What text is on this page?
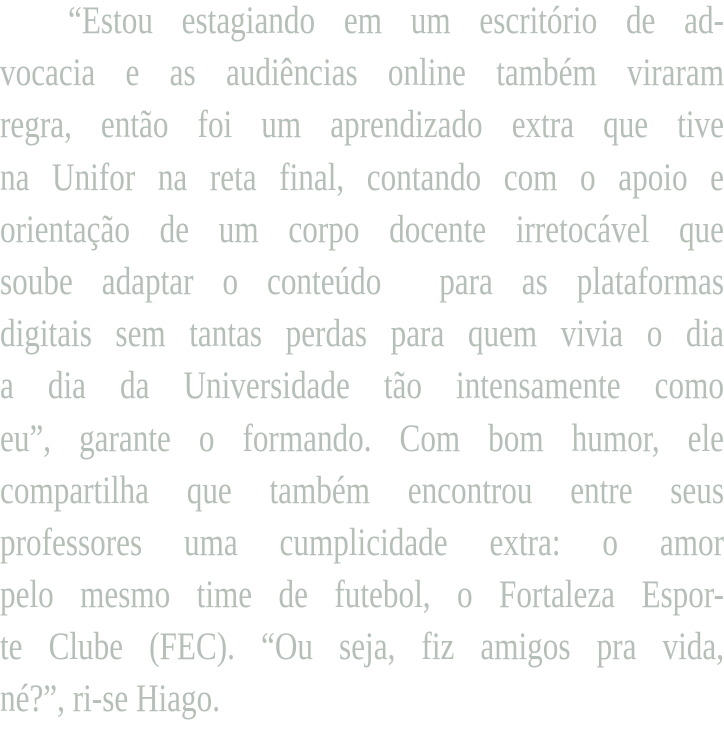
“Estou estagiando em um escritório de ad-
vocacia e as audiências online também viraram
regra, então foi um aprendizado extra que tive
na Unifor na reta final, contando com o apoio e
orientação de um corpo docente irretocável que
soube adaptar o conteúdo  para as plataformas
digitais sem tantas perdas para quem vivia o dia
a dia da Universidade tão intensamente como
eu”, garante o formando. Com bom humor, ele
compartilha que também encontrou entre seus
professores uma cumplicidade extra: o amor
pelo mesmo time de futebol, o Fortaleza Espor-
te Clube (FEC). “Ou seja, fiz amigos pra vida,
né?”, ri-se Hiago.
